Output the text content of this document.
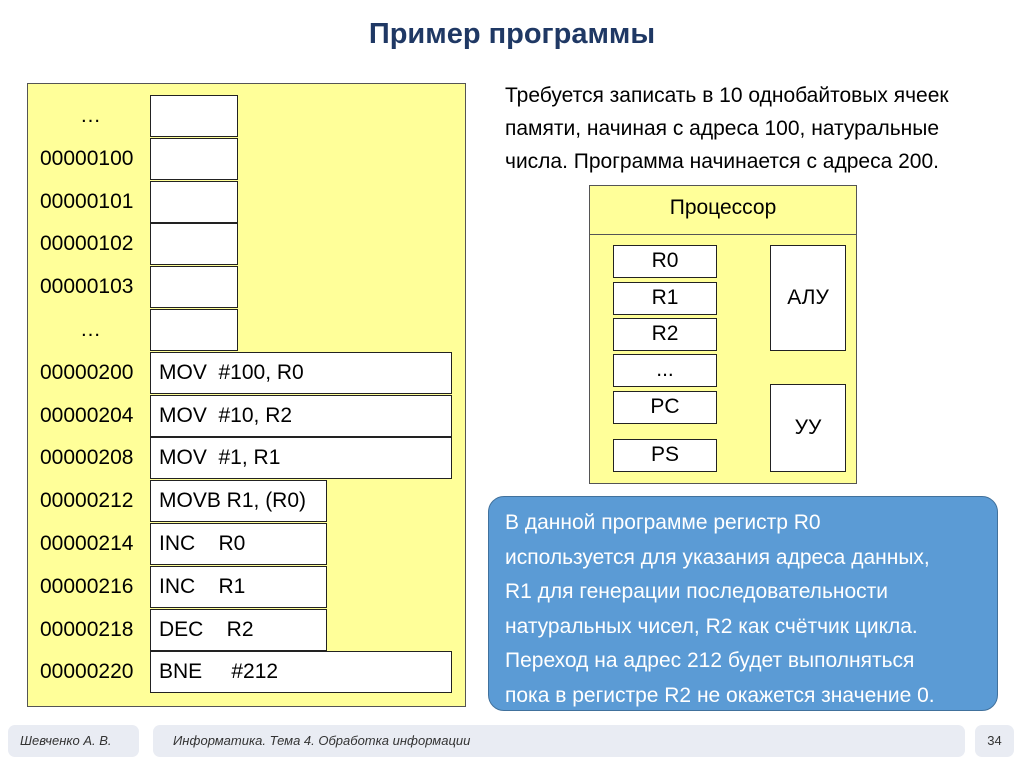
Пример программы
…
00000100
00000101
00000102
00000103
…
00000200	MOV  #100, R0
00000204	MOV  #10, R2
00000208	MOV  #1, R1
00000212	MOVB R1, (R0)
00000214	INC    R0
00000216	INC    R1
00000218	DEC    R2
00000220	BNE     #212
Требуется записать в 10 однобайтовых ячеек
памяти, начиная с адреса 100, натуральные
числа. Программа начинается с адреса 200.
Процессор
R0
R1
R2
...
PC
PS
АЛУ
УУ
В данной программе регистр R0
используется для указания адреса данных,
R1 для генерации последовательности
натуральных чисел, R2 как счётчик цикла.
Переход на адрес 212 будет выполняться
пока в регистре R2 не окажется значение 0.
Шевченко А. В.	Информатика. Тема 4. Обработка информации	34
